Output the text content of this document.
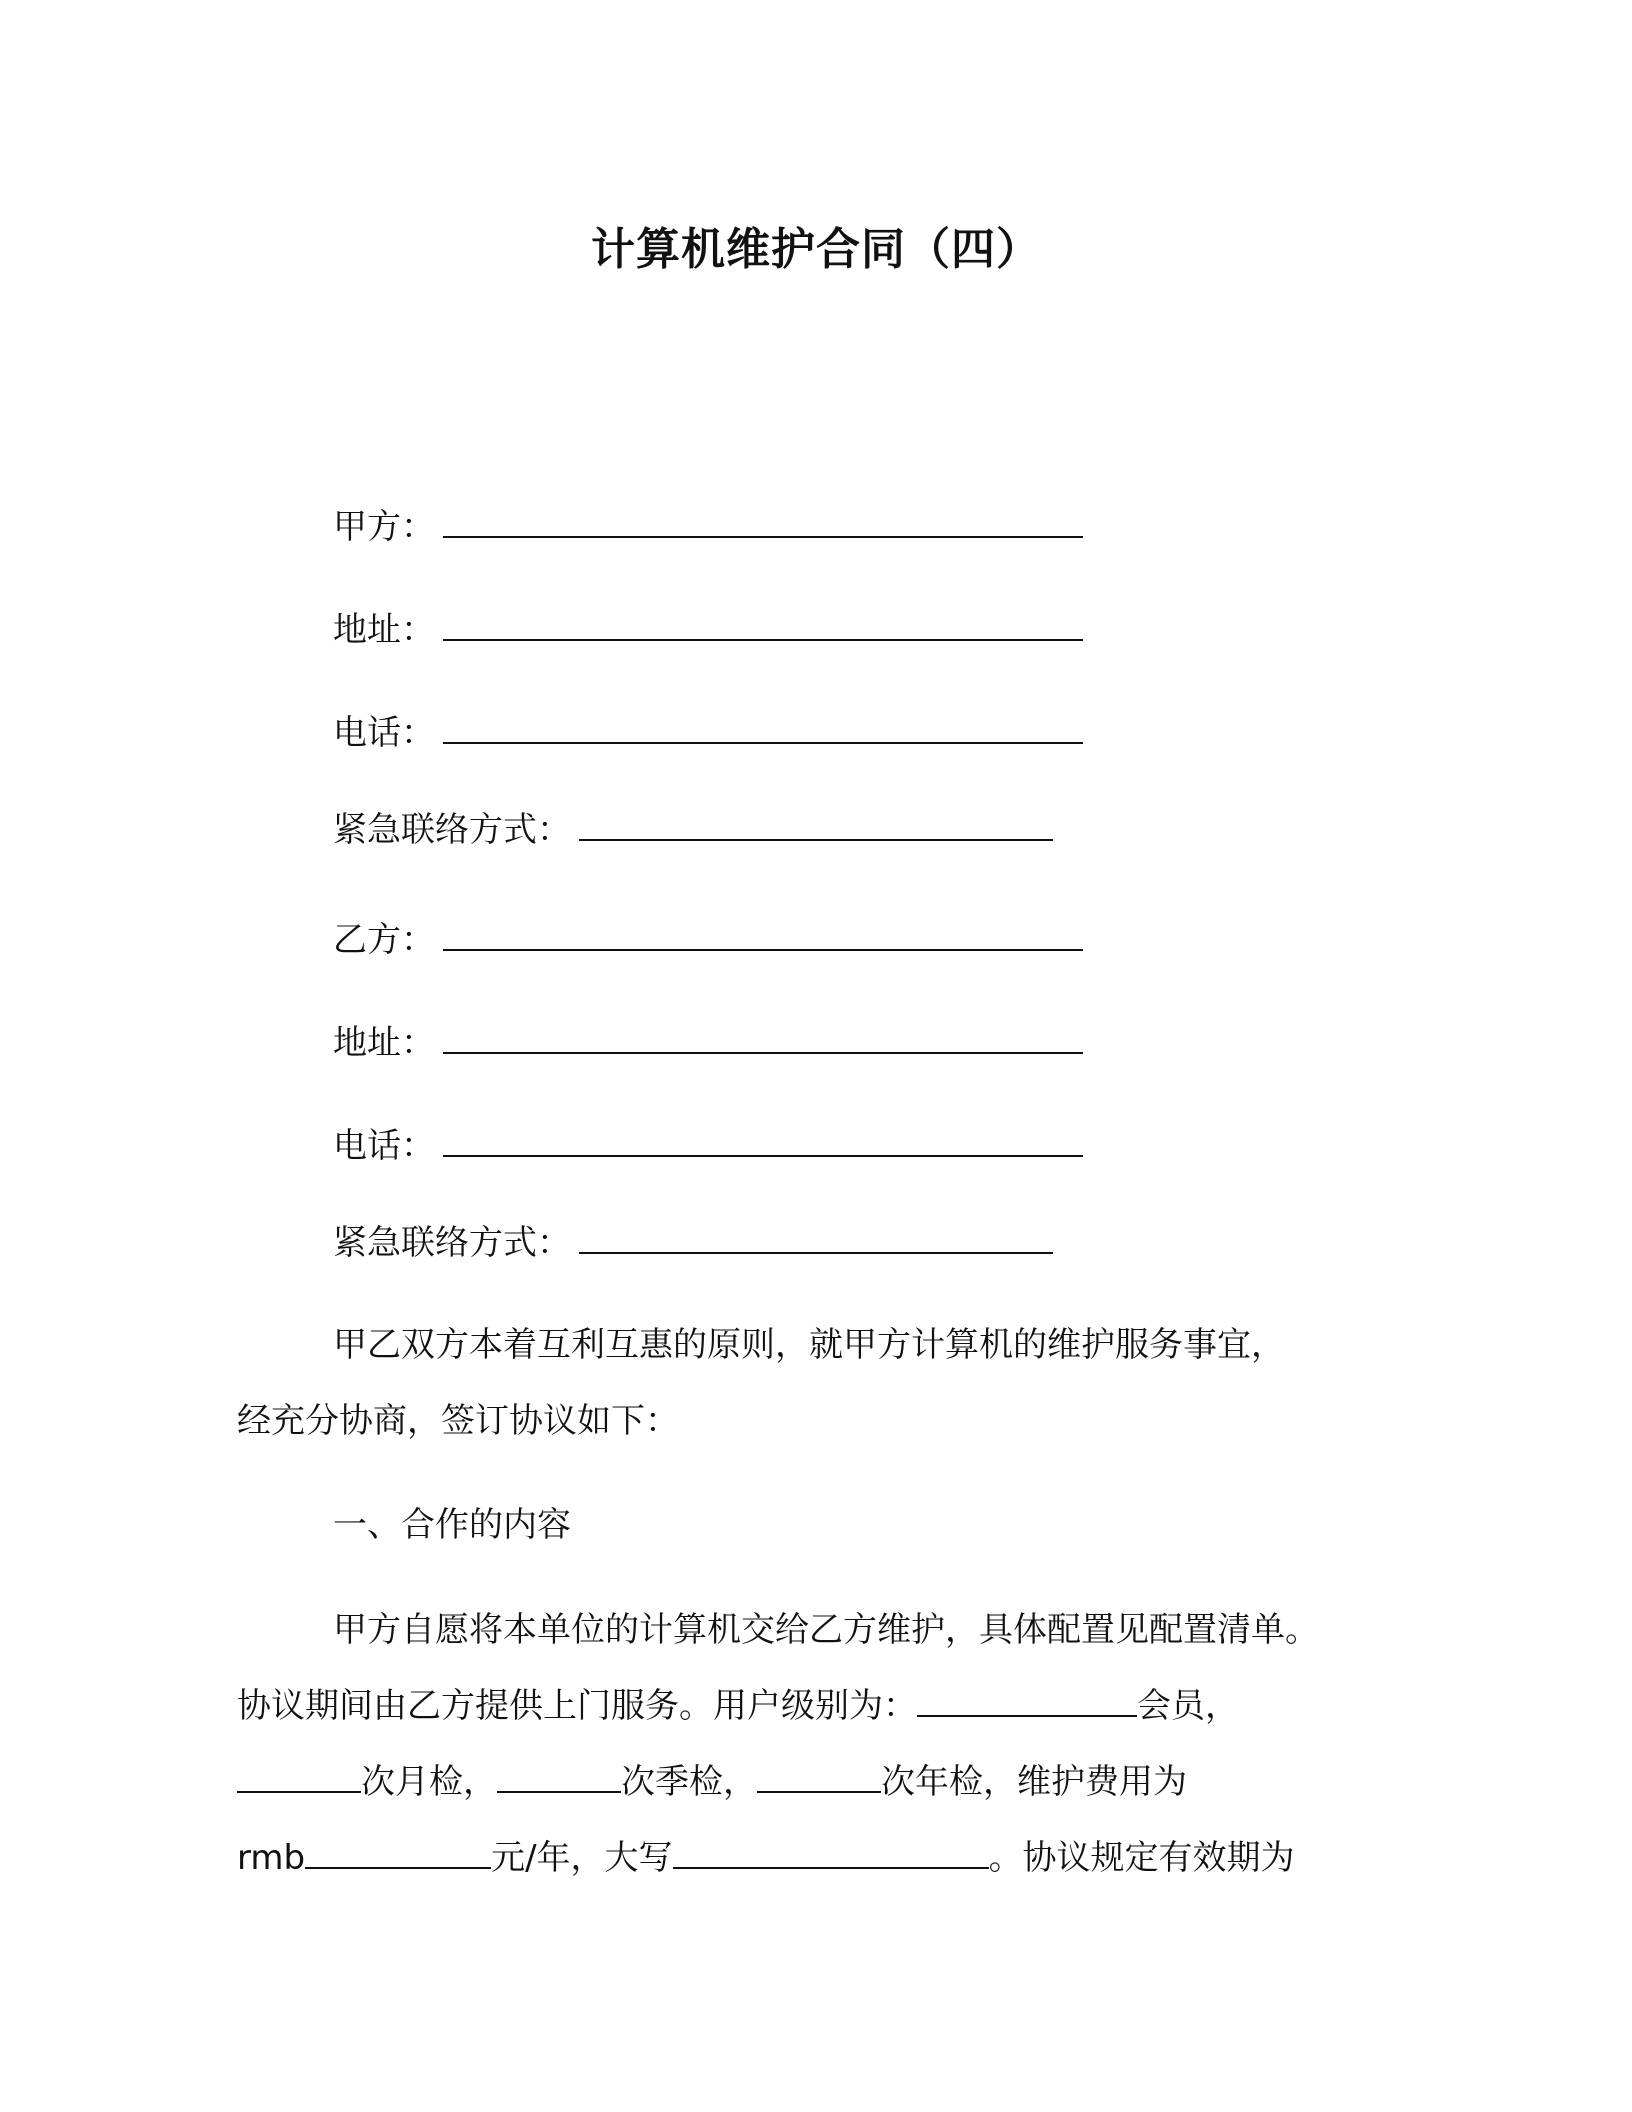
计算机维护合同（四）
甲方：
地址：
电话：
紧急联络方式：
乙方：
地址：
电话：
紧急联络方式：
甲乙双方本着互利互惠的原则，就甲方计算机的维护服务事宜，
经充分协商，签订协议如下：
一、合作的内容
甲方自愿将本单位的计算机交给乙方维护，具体配置见配置清单。
协议期间由乙方提供上门服务。用户级别为：	会员，
次月检，	次季检，	次年检，维护费用为
rmb	元/年，大写	。协议规定有效期为
